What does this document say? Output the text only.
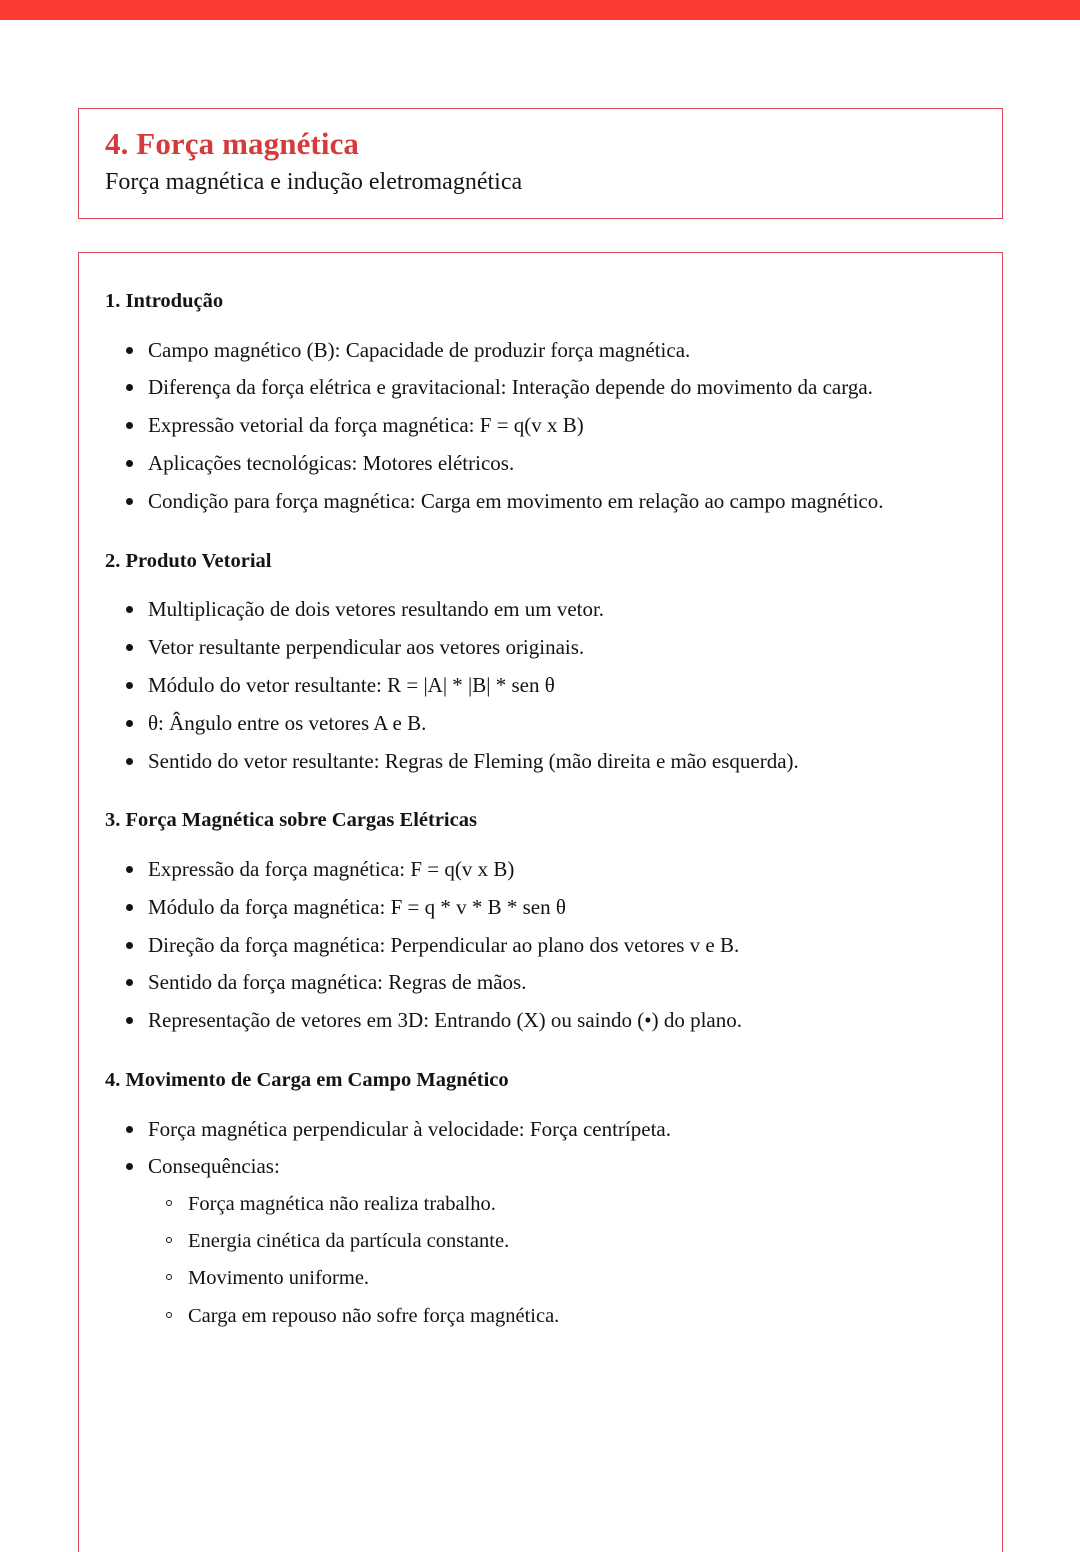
4. Força magnética

Força magnética e indução eletromagnética

1. Introdução
Campo magnético (B): Capacidade de produzir força magnética.
Diferença da força elétrica e gravitacional: Interação depende do movimento da carga.
Expressão vetorial da força magnética: F = q(v x B)
Aplicações tecnológicas: Motores elétricos.
Condição para força magnética: Carga em movimento em relação ao campo magnético.
2. Produto Vetorial
Multiplicação de dois vetores resultando em um vetor.
Vetor resultante perpendicular aos vetores originais.
Módulo do vetor resultante: R = |A| * |B| * sen θ
θ: Ângulo entre os vetores A e B.
Sentido do vetor resultante: Regras de Fleming (mão direita e mão esquerda).
3. Força Magnética sobre Cargas Elétricas
Expressão da força magnética: F = q(v x B)
Módulo da força magnética: F = q * v * B * sen θ
Direção da força magnética: Perpendicular ao plano dos vetores v e B.
Sentido da força magnética: Regras de mãos.
Representação de vetores em 3D: Entrando (X) ou saindo (•) do plano.
4. Movimento de Carga em Campo Magnético
Força magnética perpendicular à velocidade: Força centrípeta.
Consequências:
Força magnética não realiza trabalho.
Energia cinética da partícula constante.
Movimento uniforme.
Carga em repouso não sofre força magnética.
